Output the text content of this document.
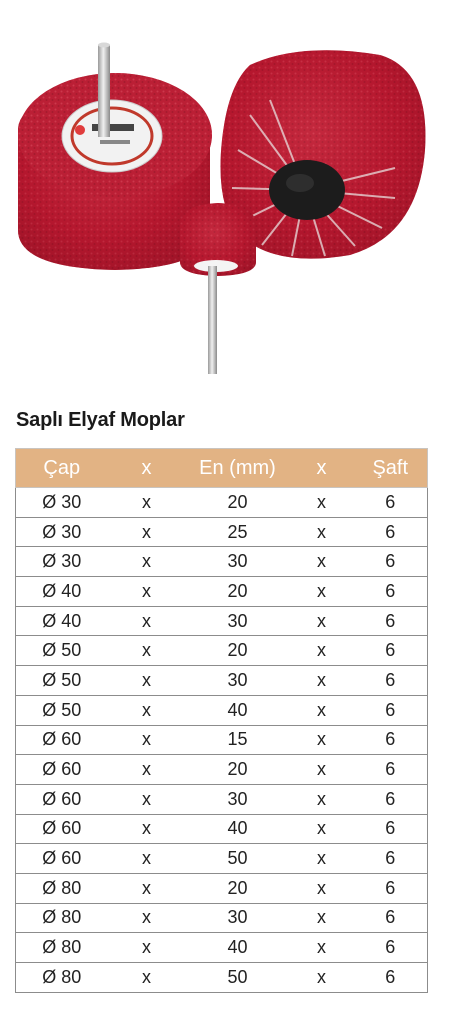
Saplı Elyaf Moplar
Çap	x	En (mm)	x	Şaft
Ø 30	x	20	x	6
Ø 30	x	25	x	6
Ø 30	x	30	x	6
Ø 40	x	20	x	6
Ø 40	x	30	x	6
Ø 50	x	20	x	6
Ø 50	x	30	x	6
Ø 50	x	40	x	6
Ø 60	x	15	x	6
Ø 60	x	20	x	6
Ø 60	x	30	x	6
Ø 60	x	40	x	6
Ø 60	x	50	x	6
Ø 80	x	20	x	6
Ø 80	x	30	x	6
Ø 80	x	40	x	6
Ø 80	x	50	x	6
